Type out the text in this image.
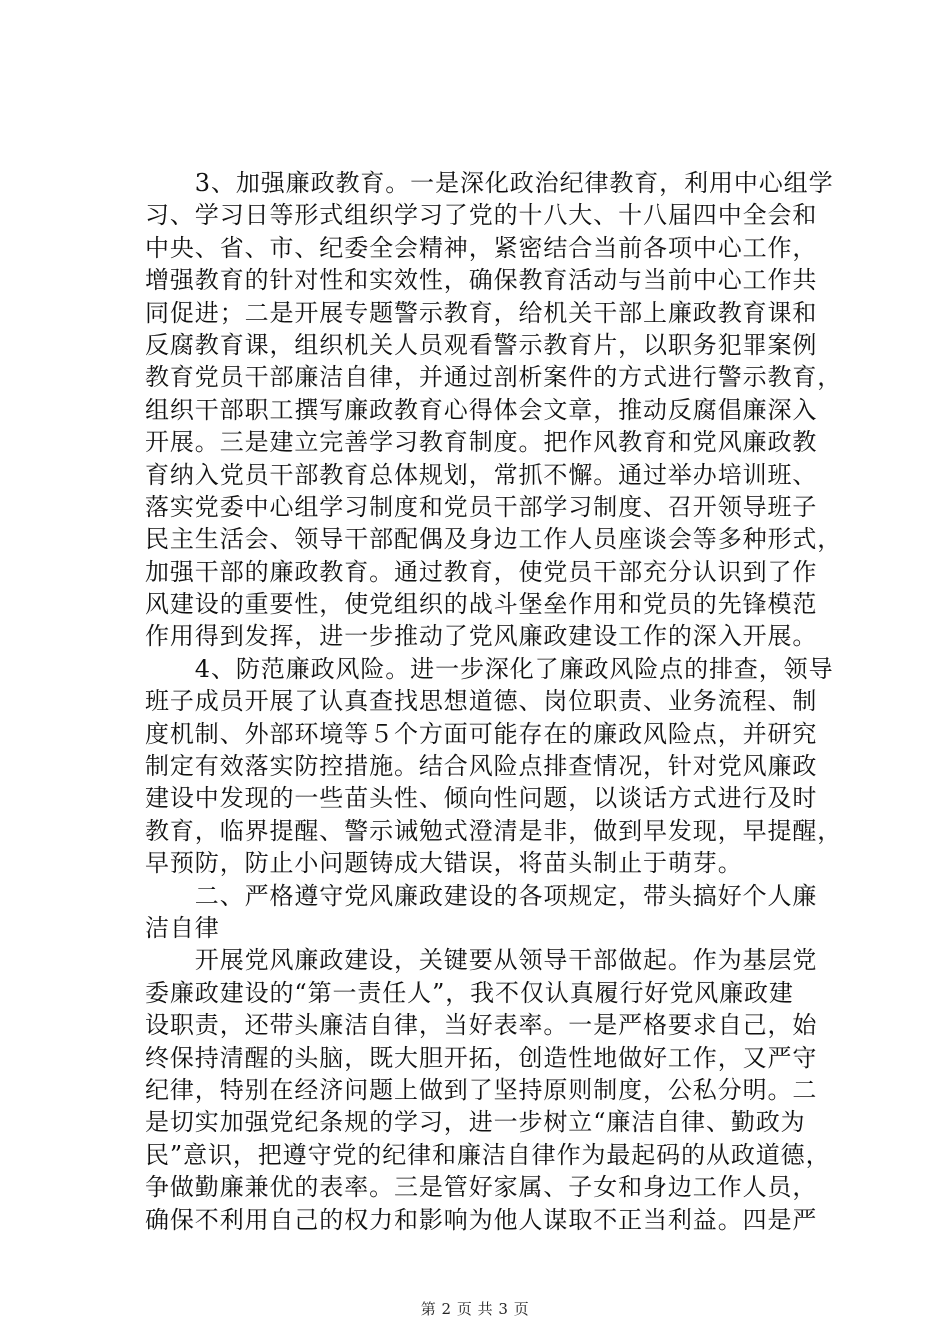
　　3、加强廉政教育。一是深化政治纪律教育，利用中心组学
习、学习日等形式组织学习了党的十八大、十八届四中全会和
中央、省、市、纪委全会精神，紧密结合当前各项中心工作，
增强教育的针对性和实效性，确保教育活动与当前中心工作共
同促进；二是开展专题警示教育，给机关干部上廉政教育课和
反腐教育课，组织机关人员观看警示教育片，以职务犯罪案例
教育党员干部廉洁自律，并通过剖析案件的方式进行警示教育，
组织干部职工撰写廉政教育心得体会文章，推动反腐倡廉深入
开展。三是建立完善学习教育制度。把作风教育和党风廉政教
育纳入党员干部教育总体规划，常抓不懈。通过举办培训班、
落实党委中心组学习制度和党员干部学习制度、召开领导班子
民主生活会、领导干部配偶及身边工作人员座谈会等多种形式，
加强干部的廉政教育。通过教育，使党员干部充分认识到了作
风建设的重要性，使党组织的战斗堡垒作用和党员的先锋模范
作用得到发挥，进一步推动了党风廉政建设工作的深入开展。
　　4、防范廉政风险。进一步深化了廉政风险点的排查，领导
班子成员开展了认真查找思想道德、岗位职责、业务流程、制
度机制、外部环境等５个方面可能存在的廉政风险点，并研究
制定有效落实防控措施。结合风险点排查情况，针对党风廉政
建设中发现的一些苗头性、倾向性问题，以谈话方式进行及时
教育，临界提醒、警示诫勉式澄清是非，做到早发现，早提醒，
早预防，防止小问题铸成大错误，将苗头制止于萌芽。
　　二、严格遵守党风廉政建设的各项规定，带头搞好个人廉
洁自律
　　开展党风廉政建设，关键要从领导干部做起。作为基层党
委廉政建设的“第一责任人”，我不仅认真履行好党风廉政建
设职责，还带头廉洁自律，当好表率。一是严格要求自己，始
终保持清醒的头脑，既大胆开拓，创造性地做好工作，又严守
纪律，特别在经济问题上做到了坚持原则制度，公私分明。二
是切实加强党纪条规的学习，进一步树立“廉洁自律、勤政为
民”意识，把遵守党的纪律和廉洁自律作为最起码的从政道德，
争做勤廉兼优的表率。三是管好家属、子女和身边工作人员，
确保不利用自己的权力和影响为他人谋取不正当利益。四是严
第 2 页 共 3 页
